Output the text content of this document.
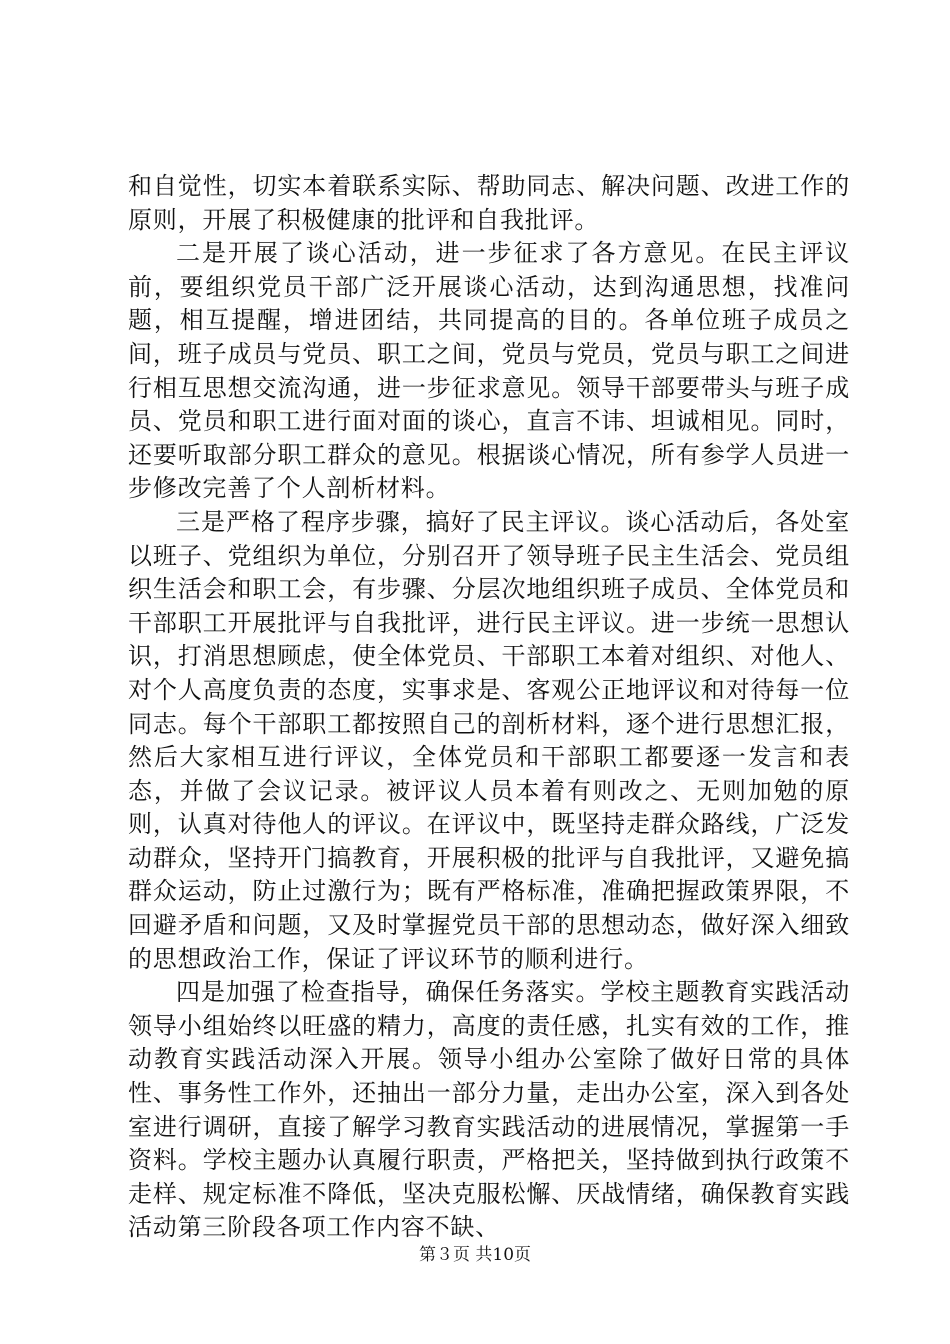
和自觉性，切实本着联系实际、帮助同志、解决问题、改进工作的原则，开展了积极健康的批评和自我批评。

二是开展了谈心活动，进一步征求了各方意见。在民主评议前，要组织党员干部广泛开展谈心活动，达到沟通思想，找准问题，相互提醒，增进团结，共同提高的目的。各单位班子成员之间，班子成员与党员、职工之间，党员与党员，党员与职工之间进行相互思想交流沟通，进一步征求意见。领导干部要带头与班子成员、党员和职工进行面对面的谈心，直言不讳、坦诚相见。同时，还要听取部分职工群众的意见。根据谈心情况，所有参学人员进一步修改完善了个人剖析材料。

三是严格了程序步骤，搞好了民主评议。谈心活动后，各处室以班子、党组织为单位，分别召开了领导班子民主生活会、党员组织生活会和职工会，有步骤、分层次地组织班子成员、全体党员和干部职工开展批评与自我批评，进行民主评议。进一步统一思想认识，打消思想顾虑，使全体党员、干部职工本着对组织、对他人、对个人高度负责的态度，实事求是、客观公正地评议和对待每一位同志。每个干部职工都按照自己的剖析材料，逐个进行思想汇报，然后大家相互进行评议，全体党员和干部职工都要逐一发言和表态，并做了会议记录。被评议人员本着有则改之、无则加勉的原则，认真对待他人的评议。在评议中，既坚持走群众路线，广泛发动群众，坚持开门搞教育，开展积极的批评与自我批评，又避免搞群众运动，防止过激行为；既有严格标准，准确把握政策界限，不回避矛盾和问题，又及时掌握党员干部的思想动态，做好深入细致的思想政治工作，保证了评议环节的顺利进行。

四是加强了检查指导，确保任务落实。学校主题教育实践活动领导小组始终以旺盛的精力，高度的责任感，扎实有效的工作，推动教育实践活动深入开展。领导小组办公室除了做好日常的具体性、事务性工作外，还抽出一部分力量，走出办公室，深入到各处室进行调研，直接了解学习教育实践活动的进展情况，掌握第一手资料。学校主题办认真履行职责，严格把关，坚持做到执行政策不走样、规定标准不降低，坚决克服松懈、厌战情绪，确保教育实践活动第三阶段各项工作内容不缺、

第３页 共10页
